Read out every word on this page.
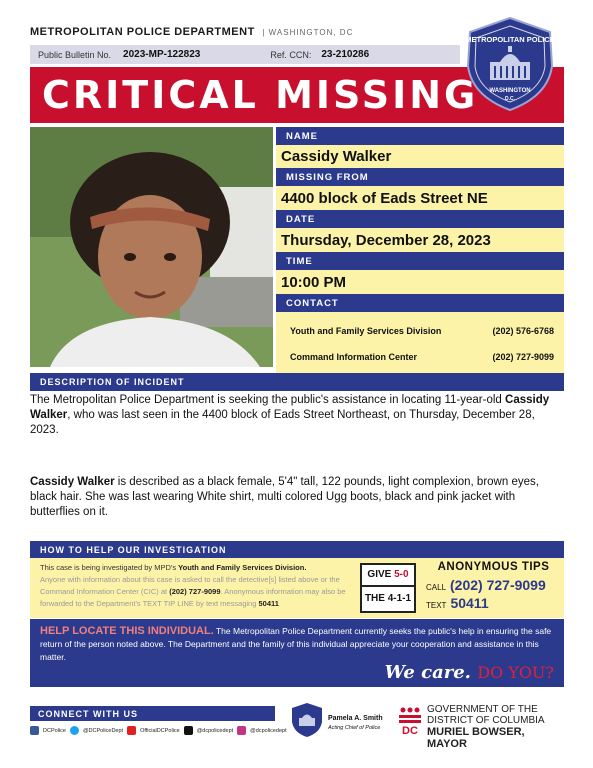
METROPOLITAN POLICE DEPARTMENT | WASHINGTON, DC
Public Bulletin No. 2023-MP-122823	Ref. CCN: 23-210286
CRITICAL MISSING
METROPOLITAN POLICE
WASHINGTON
D.C.
NAME
Cassidy Walker
MISSING FROM
4400 block of Eads Street NE
DATE
Thursday, December 28, 2023
TIME
10:00 PM
CONTACT
Youth and Family Services Division	(202) 576-6768
Command Information Center	(202) 727-9099
DESCRIPTION OF INCIDENT
The Metropolitan Police Department is seeking the public's assistance in locating 11-year-old Cassidy Walker, who was last seen in the 4400 block of Eads Street Northeast, on Thursday, December 28, 2023.
Cassidy Walker is described as a black female, 5'4" tall, 122 pounds, light complexion, brown eyes, black hair. She was last wearing White shirt, multi colored Ugg boots, black and pink jacket with butterflies on it.
HOW TO HELP OUR INVESTIGATION
This case is being investigated by MPD's Youth and Family Services Division.
Anyone with information about this case is asked to call the detective[s] listed above or the Command Information Center (CIC) at (202) 727-9099. Anonymous information may also be forwarded to the Department's TEXT TIP LINE by text messaging 50411
GIVE 5-0
THE 4-1-1
ANONYMOUS TIPS
CALL (202) 727-9099
TEXT 50411
HELP LOCATE THIS INDIVIDUAL. The Metropolitan Police Department currently seeks the public's help in ensuring the safe return of the person noted above. The Department and the family of this individual appreciate your cooperation and assistance in this matter.
We care. DO YOU?
CONNECT WITH US
DCPolice	@DCPoliceDept	OfficialDCPolice	@dcpolicedept	@dcpolicedept
Pamela A. Smith
Acting Chief of Police DC
GOVERNMENT OF THE
DISTRICT OF COLUMBIA
MURIEL BOWSER, MAYOR
